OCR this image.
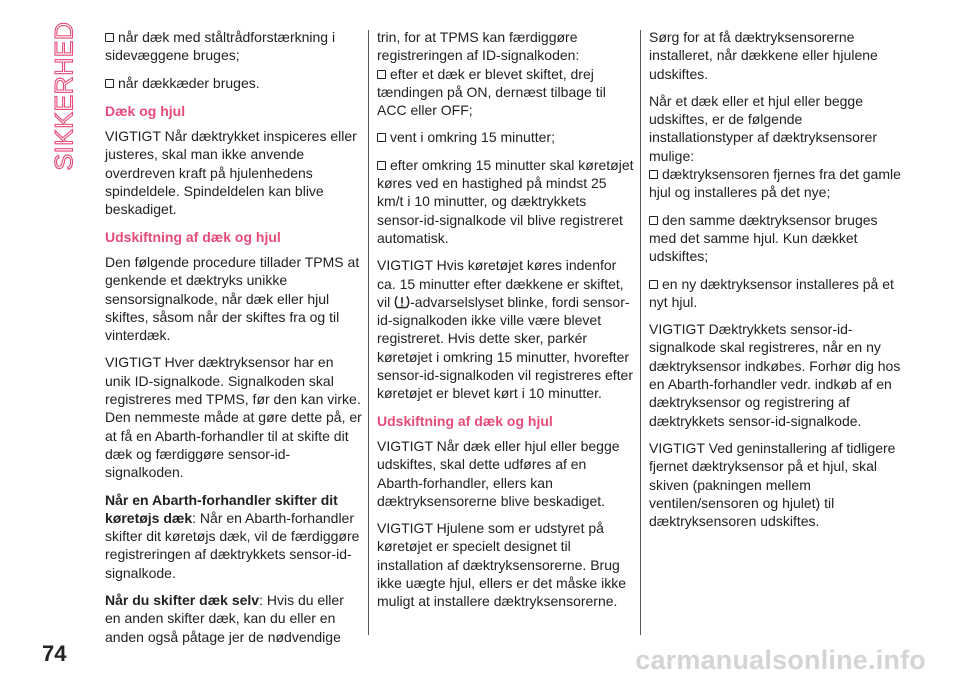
SIKKERHED	når dæk med ståltrådforstærkning i sidevæggene bruges;

når dækkæder bruges.

Dæk og hjul

VIGTIGT Når dæktrykket inspiceres eller justeres, skal man ikke anvende overdreven kraft på hjulenhedens spindeldele. Spindeldelen kan blive beskadiget.

Udskiftning af dæk og hjul

Den følgende procedure tillader TPMS at genkende et dæktryks unikke sensorsignalkode, når dæk eller hjul skiftes, såsom når der skiftes fra og til vinterdæk.

VIGTIGT Hver dæktryksensor har en unik ID-signalkode. Signalkoden skal registreres med TPMS, før den kan virke. Den nemmeste måde at gøre dette på, er at få en Abarth-forhandler til at skifte dit dæk og færdiggøre sensor-id-signalkoden.

Når en Abarth-forhandler skifter dit køretøjs dæk: Når en Abarth-forhandler skifter dit køretøjs dæk, vil de færdiggøre registreringen af dæktrykkets sensor-id-signalkode.

Når du skifter dæk selv: Hvis du eller en anden skifter dæk, kan du eller en anden også påtage jer de nødvendige

trin, for at TPMS kan færdiggøre registreringen af ID-signalkoden:

efter et dæk er blevet skiftet, drej tændingen på ON, dernæst tilbage til ACC eller OFF;

vent i omkring 15 minutter;

efter omkring 15 minutter skal køretøjet køres ved en hastighed på mindst 25 km/t i 10 minutter, og dæktrykkets sensor-id-signalkode vil blive registreret automatisk.

VIGTIGT Hvis køretøjet køres indenfor ca. 15 minutter efter dækkene er skiftet, vil -advarselslyset blinke, fordi sensor-id-signalkoden ikke ville være blevet registreret. Hvis dette sker, parkér køretøjet i omkring 15 minutter, hvorefter sensor-id-signalkoden vil registreres efter køretøjet er blevet kørt i 10 minutter.

Udskiftning af dæk og hjul

VIGTIGT Når dæk eller hjul eller begge udskiftes, skal dette udføres af en Abarth-forhandler, ellers kan dæktryksensorerne blive beskadiget.

VIGTIGT Hjulene som er udstyret på køretøjet er specielt designet til installation af dæktryksensorerne. Brug ikke uægte hjul, ellers er det måske ikke muligt at installere dæktryksensorerne.

Sørg for at få dæktryksensorerne installeret, når dækkene eller hjulene udskiftes.

Når et dæk eller et hjul eller begge udskiftes, er de følgende installationstyper af dæktryksensorer mulige:

dæktryksensoren fjernes fra det gamle hjul og installeres på det nye;

den samme dæktryksensor bruges med det samme hjul. Kun dækket udskiftes;

en ny dæktryksensor installeres på et nyt hjul.

VIGTIGT Dæktrykkets sensor-id-signalkode skal registreres, når en ny dæktryksensor indkøbes. Forhør dig hos en Abarth-forhandler vedr. indkøb af en dæktryksensor og registrering af dæktrykkets sensor-id-signalkode.

VIGTIGT Ved geninstallering af tidligere fjernet dæktryksensor på et hjul, skal skiven (pakningen mellem ventilen/sensoren og hjulet) til dæktryksensoren udskiftes.

74	carmanualsonline.info
